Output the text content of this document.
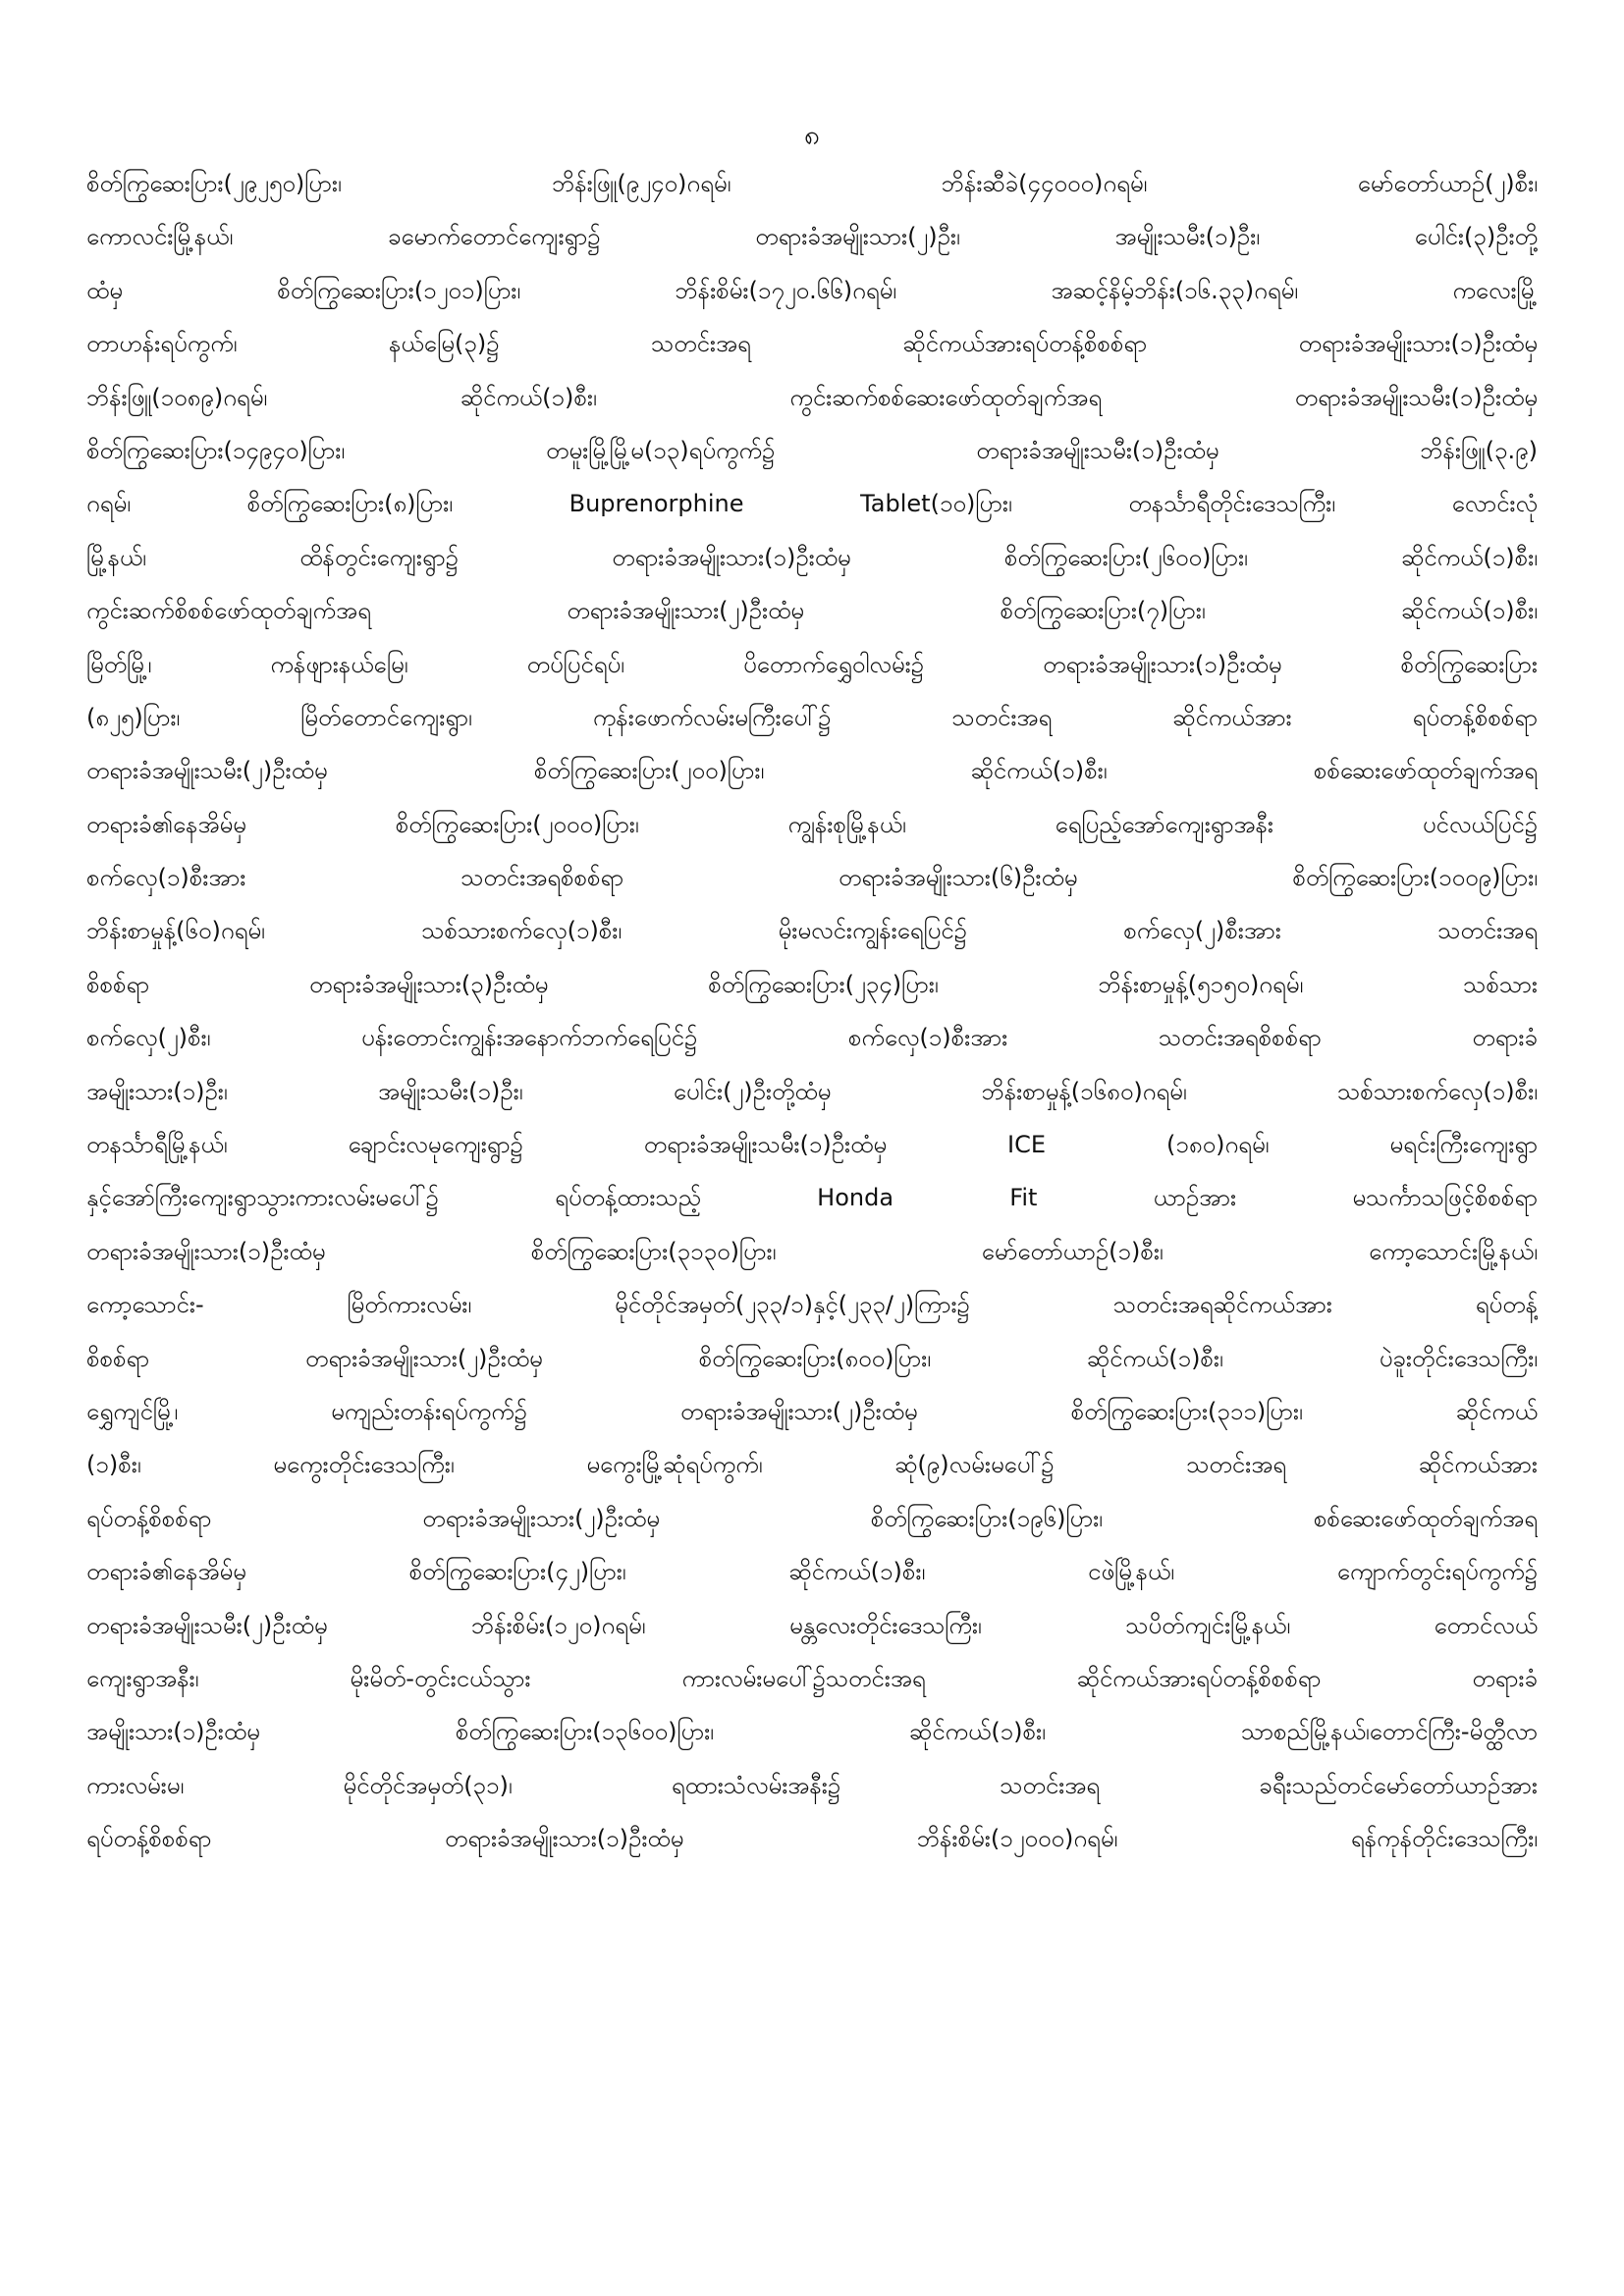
၈
စိတ်ကြွဆေးပြား(၂၉၂၅၀)ပြား၊ ဘိန်းဖြူ(၉၂၄၀)ဂရမ်၊ ဘိန်းဆီခဲ(၄၄၀၀၀)ဂရမ်၊ မော်တော်ယာဉ်(၂)စီး၊
ကောလင်းမြို့နယ်၊ ခမောက်တောင်ကျေးရွာ၌ တရားခံအမျိုးသား(၂)ဦး၊ အမျိုးသမီး(၁)ဦး၊ ပေါင်း(၃)ဦးတို့
ထံမှ စိတ်ကြွဆေးပြား(၁၂၀၁)ပြား၊ ဘိန်းစိမ်း(၁၇၂၀.၆၆)ဂရမ်၊ အဆင့်နိမ့်ဘိန်း(၁၆.၃၃)ဂရမ်၊ ကလေးမြို့
တာဟန်းရပ်ကွက်၊ နယ်မြေ(၃)၌ သတင်းအရ ဆိုင်ကယ်အားရပ်တန့်စိစစ်ရာ တရားခံအမျိုးသား(၁)ဦးထံမှ
ဘိန်းဖြူ(၁၀၈၉)ဂရမ်၊ ဆိုင်ကယ်(၁)စီး၊ ကွင်းဆက်စစ်ဆေးဖော်ထုတ်ချက်အရ တရားခံအမျိုးသမီး(၁)ဦးထံမှ
စိတ်ကြွဆေးပြား(၁၄၉၄၀)ပြား၊ တမူးမြို့မြို့မ(၁၃)ရပ်ကွက်၌ တရားခံအမျိုးသမီး(၁)ဦးထံမှ ဘိန်းဖြူ(၃.၉)
ဂရမ်၊ စိတ်ကြွဆေးပြား(၈)ပြား၊ Buprenorphine Tablet(၁၀)ပြား၊ တနင်္သာရီတိုင်းဒေသကြီး၊ လောင်းလုံ
မြို့နယ်၊ ထိန်တွင်းကျေးရွာ၌ တရားခံအမျိုးသား(၁)ဦးထံမှ စိတ်ကြွဆေးပြား(၂၆၀၀)ပြား၊ ဆိုင်ကယ်(၁)စီး၊
ကွင်းဆက်စိစစ်ဖော်ထုတ်ချက်အရ တရားခံအမျိုးသား(၂)ဦးထံမှ စိတ်ကြွဆေးပြား(၇)ပြား၊ ဆိုင်ကယ်(၁)စီး၊
မြိတ်မြို့၊ ကန်ဖျားနယ်မြေ၊ တပ်ပြင်ရပ်၊ ပိတောက်ရွှေဝါလမ်း၌ တရားခံအမျိုးသား(၁)ဦးထံမှ စိတ်ကြွဆေးပြား
(၈၂၅)ပြား၊ မြိတ်တောင်ကျေးရွာ၊ ကုန်းဖောက်လမ်းမကြီးပေါ်၌ သတင်းအရ ဆိုင်ကယ်အား ရပ်တန့်စိစစ်ရာ
တရားခံအမျိုးသမီး(၂)ဦးထံမှ စိတ်ကြွဆေးပြား(၂၀၀)ပြား၊ ဆိုင်ကယ်(၁)စီး၊ စစ်ဆေးဖော်ထုတ်ချက်အရ
တရားခံ၏နေအိမ်မှ စိတ်ကြွဆေးပြား(၂၀၀၀)ပြား၊ ကျွန်းစုမြို့နယ်၊ ရေပြည့်အော်ကျေးရွာအနီး ပင်လယ်ပြင်၌
စက်လှေ(၁)စီးအား သတင်းအရစိစစ်ရာ တရားခံအမျိုးသား(၆)ဦးထံမှ စိတ်ကြွဆေးပြား(၁၀၀၉)ပြား၊
ဘိန်းစာမှုန့်(၆၀)ဂရမ်၊ သစ်သားစက်လှေ(၁)စီး၊ မိုးမလင်းကျွန်းရေပြင်၌ စက်လှေ(၂)စီးအား သတင်းအရ
စိစစ်ရာ တရားခံအမျိုးသား(၃)ဦးထံမှ စိတ်ကြွဆေးပြား(၂၃၄)ပြား၊ ဘိန်းစာမှုန့်(၅၁၅၀)ဂရမ်၊ သစ်သား
စက်လှေ(၂)စီး၊ ပန်းတောင်းကျွန်းအနောက်ဘက်ရေပြင်၌ စက်လှေ(၁)စီးအား သတင်းအရစိစစ်ရာ တရားခံ
အမျိုးသား(၁)ဦး၊ အမျိုးသမီး(၁)ဦး၊ ပေါင်း(၂)ဦးတို့ထံမှ ဘိန်းစာမှုန့်(၁၆၈၀)ဂရမ်၊ သစ်သားစက်လှေ(၁)စီး၊
တနင်္သာရီမြို့နယ်၊ ချောင်းလမုကျေးရွာ၌ တရားခံအမျိုးသမီး(၁)ဦးထံမှ ICE (၁၈၀)ဂရမ်၊ မရင်းကြီးကျေးရွာ
နှင့်အော်ကြီးကျေးရွာသွားကားလမ်းမပေါ်၌ ရပ်တန့်ထားသည့် Honda Fit ယာဉ်အား မသင်္ကာသဖြင့်စိစစ်ရာ
တရားခံအမျိုးသား(၁)ဦးထံမှ စိတ်ကြွဆေးပြား(၃၁၃၀)ပြား၊ မော်တော်ယာဉ်(၁)စီး၊ ကော့သောင်းမြို့နယ်၊
ကော့သောင်း- မြိတ်ကားလမ်း၊ မိုင်တိုင်အမှတ်(၂၃၃/၁)နှင့်(၂၃၃/၂)ကြား၌ သတင်းအရဆိုင်ကယ်အား ရပ်တန့်
စိစစ်ရာ တရားခံအမျိုးသား(၂)ဦးထံမှ စိတ်ကြွဆေးပြား(၈၀၀)ပြား၊ ဆိုင်ကယ်(၁)စီး၊ ပဲခူးတိုင်းဒေသကြီး၊
ရွှေကျင်မြို့၊ မကျည်းတန်းရပ်ကွက်၌ တရားခံအမျိုးသား(၂)ဦးထံမှ စိတ်ကြွဆေးပြား(၃၁၁)ပြား၊ ဆိုင်ကယ်
(၁)စီး၊ မကွေးတိုင်းဒေသကြီး၊ မကွေးမြို့ဆုံရပ်ကွက်၊ ဆုံ(၉)လမ်းမပေါ်၌ သတင်းအရ ဆိုင်ကယ်အား
ရပ်တန့်စိစစ်ရာ တရားခံအမျိုးသား(၂)ဦးထံမှ စိတ်ကြွဆေးပြား(၁၉၆)ပြား၊ စစ်ဆေးဖော်ထုတ်ချက်အရ
တရားခံ၏နေအိမ်မှ စိတ်ကြွဆေးပြား(၄၂)ပြား၊ ဆိုင်ကယ်(၁)စီး၊ ငဖဲမြို့နယ်၊ ကျောက်တွင်းရပ်ကွက်၌
တရားခံအမျိုးသမီး(၂)ဦးထံမှ ဘိန်းစိမ်း(၁၂၀)ဂရမ်၊ မန္တလေးတိုင်းဒေသကြီး၊ သပိတ်ကျင်းမြို့နယ်၊ တောင်လယ်
ကျေးရွာအနီး၊ မိုးမိတ်-တွင်းငယ်သွား ကားလမ်းမပေါ်၌သတင်းအရ ဆိုင်ကယ်အားရပ်တန့်စိစစ်ရာ တရားခံ
အမျိုးသား(၁)ဦးထံမှ စိတ်ကြွဆေးပြား(၁၃၆၀၀)ပြား၊ ဆိုင်ကယ်(၁)စီး၊ သာစည်မြို့နယ်၊တောင်ကြီး-မိတ္ထီလာ
ကားလမ်းမ၊ မိုင်တိုင်အမှတ်(၃၁)၊ ရထားသံလမ်းအနီး၌ သတင်းအရ ခရီးသည်တင်မော်တော်ယာဉ်အား
ရပ်တန့်စိစစ်ရာ တရားခံအမျိုးသား(၁)ဦးထံမှ ဘိန်းစိမ်း(၁၂၀၀၀)ဂရမ်၊ ရန်ကုန်တိုင်းဒေသကြီး၊
